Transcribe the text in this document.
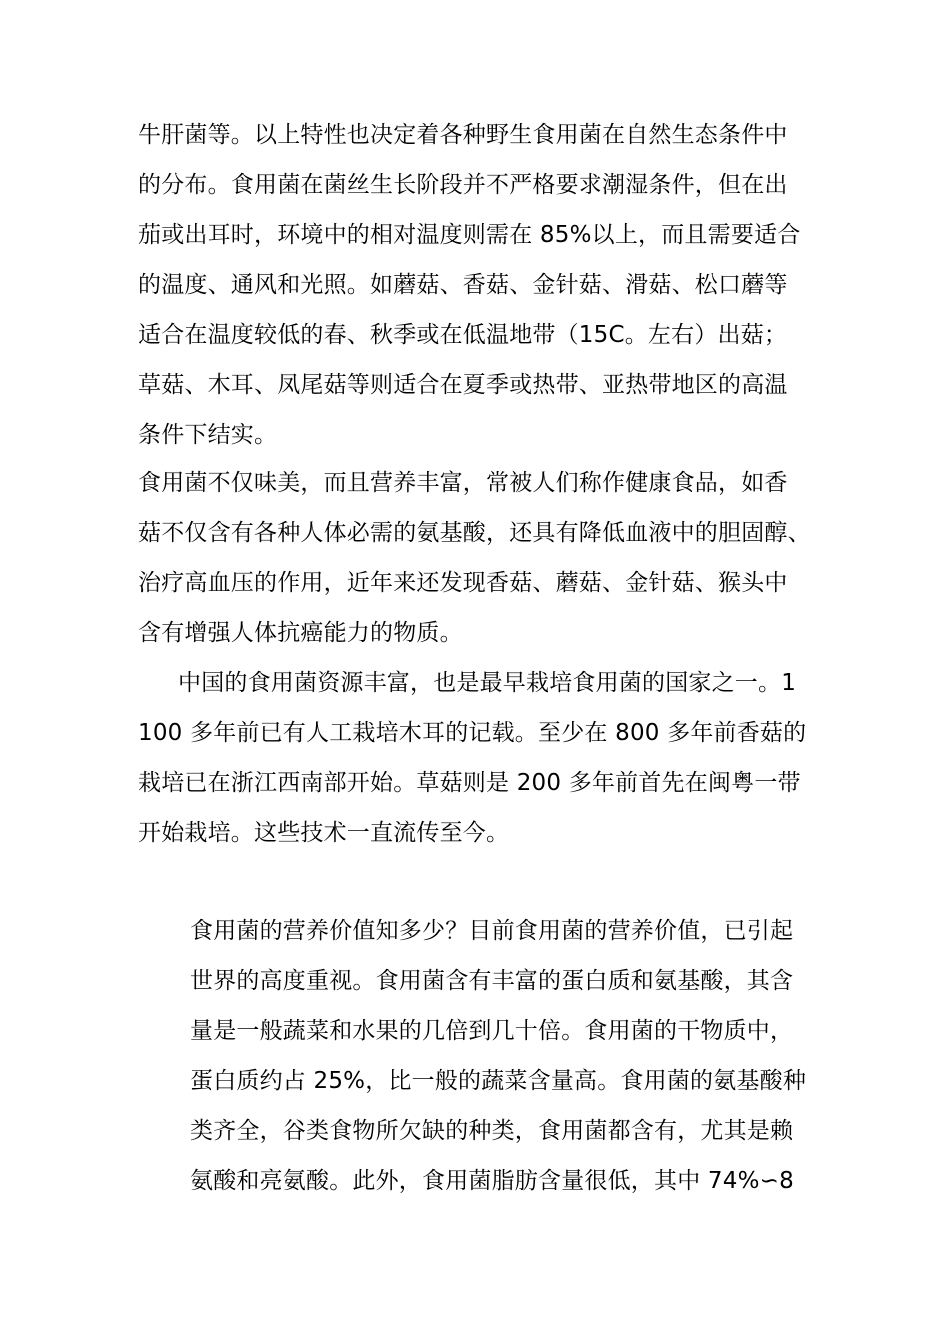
牛肝菌等。以上特性也决定着各种野生食用菌在自然生态条件中
的分布。食用菌在菌丝生长阶段并不严格要求潮湿条件，但在出
茄或出耳时，环境中的相对温度则需在 85%以上，而且需要适合
的温度、通风和光照。如蘑菇、香菇、金针菇、滑菇、松口蘑等
适合在温度较低的春、秋季或在低温地带（15C。左右）出菇；
草菇、木耳、凤尾菇等则适合在夏季或热带、亚热带地区的高温
条件下结实。
食用菌不仅味美，而且营养丰富，常被人们称作健康食品，如香
菇不仅含有各种人体必需的氨基酸，还具有降低血液中的胆固醇、
治疗高血压的作用，近年来还发现香菇、蘑菇、金针菇、猴头中
含有增强人体抗癌能力的物质。
中国的食用菌资源丰富，也是最早栽培食用菌的国家之一。1
100 多年前已有人工栽培木耳的记载。至少在 800 多年前香菇的
栽培已在浙江西南部开始。草菇则是 200 多年前首先在闽粤一带
开始栽培。这些技术一直流传至今。
食用菌的营养价值知多少？目前食用菌的营养价值，已引起
世界的高度重视。食用菌含有丰富的蛋白质和氨基酸，其含
量是一般蔬菜和水果的几倍到几十倍。食用菌的干物质中，
蛋白质约占 25%，比一般的蔬菜含量高。食用菌的氨基酸种
类齐全，谷类食物所欠缺的种类，食用菌都含有，尤其是赖
氨酸和亮氨酸。此外，食用菌脂肪含量很低，其中 74%∽8
